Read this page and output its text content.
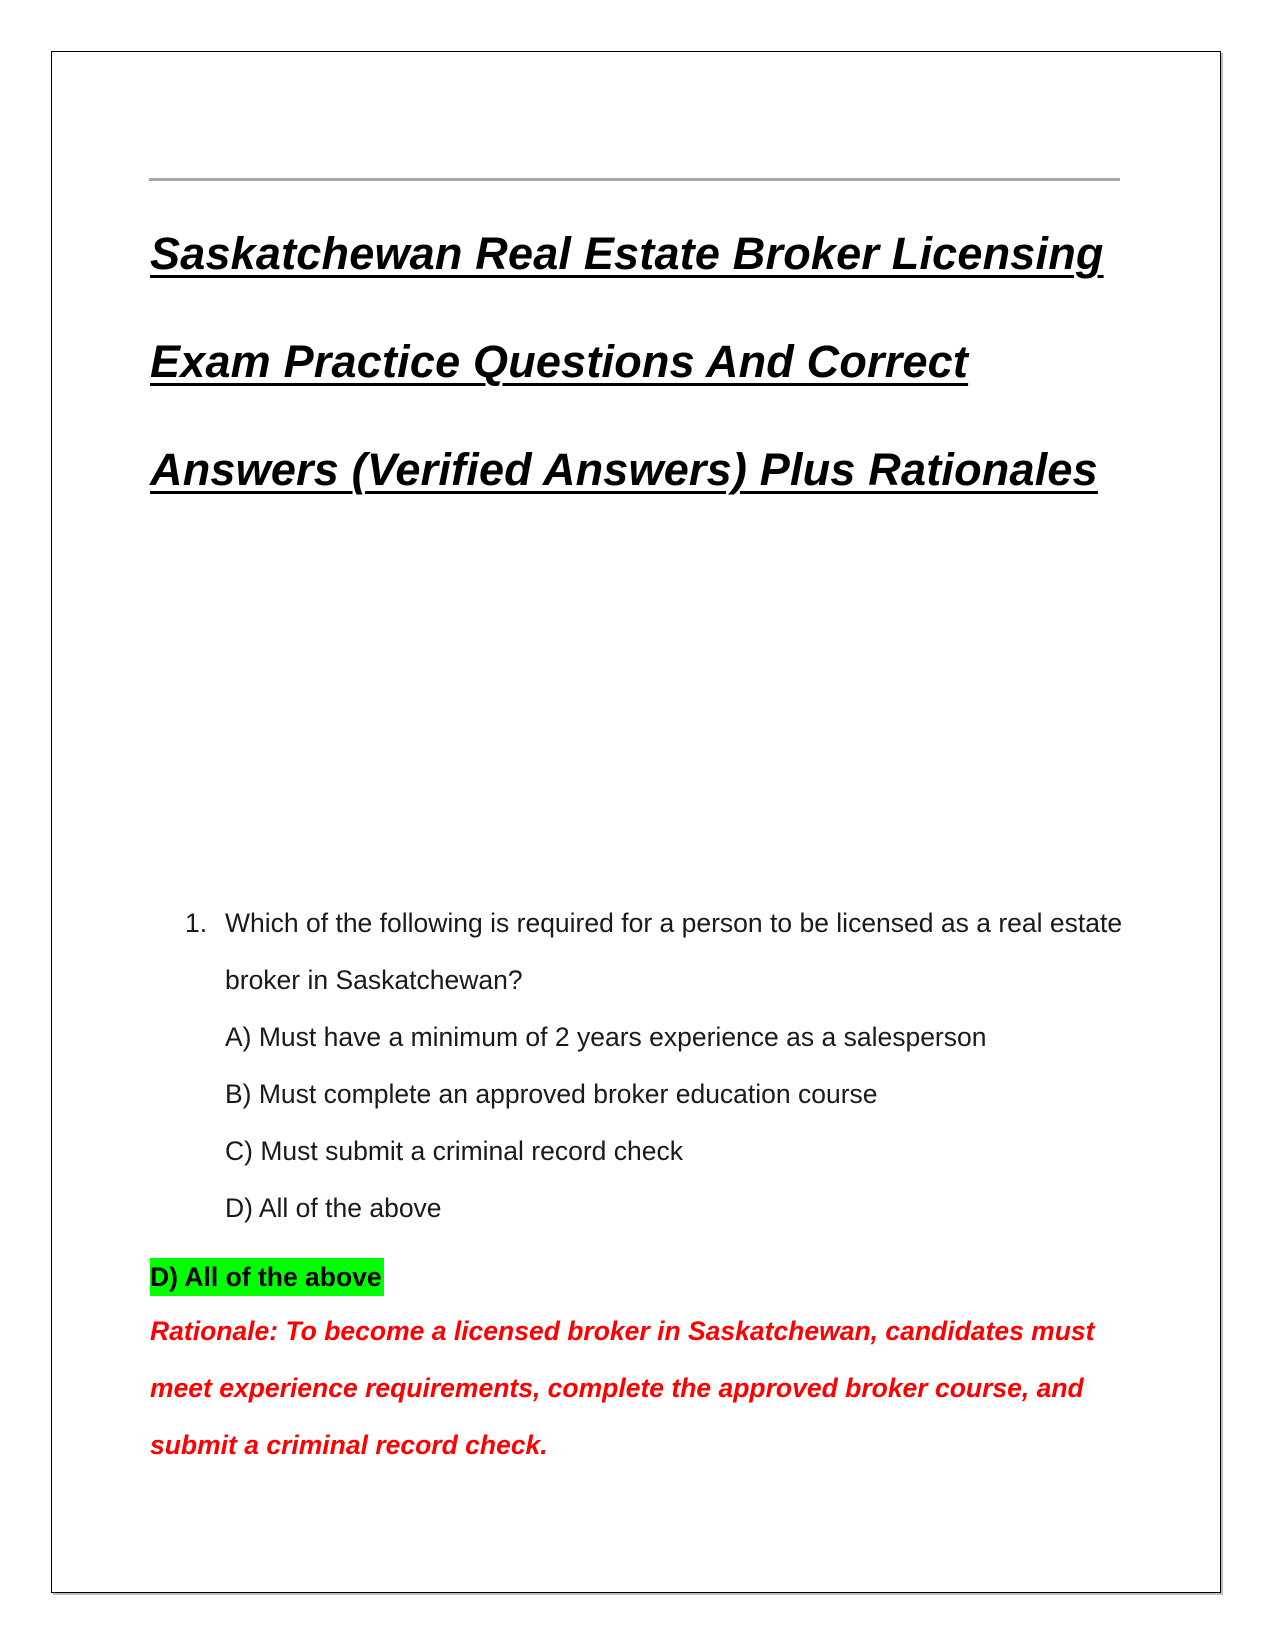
Saskatchewan Real Estate Broker Licensing Exam Practice Questions And Correct Answers (Verified Answers) Plus Rationales
1. Which of the following is required for a person to be licensed as a real estate broker in Saskatchewan?
A) Must have a minimum of 2 years experience as a salesperson
B) Must complete an approved broker education course
C) Must submit a criminal record check
D) All of the above
D) All of the above

Rationale: To become a licensed broker in Saskatchewan, candidates must meet experience requirements, complete the approved broker course, and submit a criminal record check.
